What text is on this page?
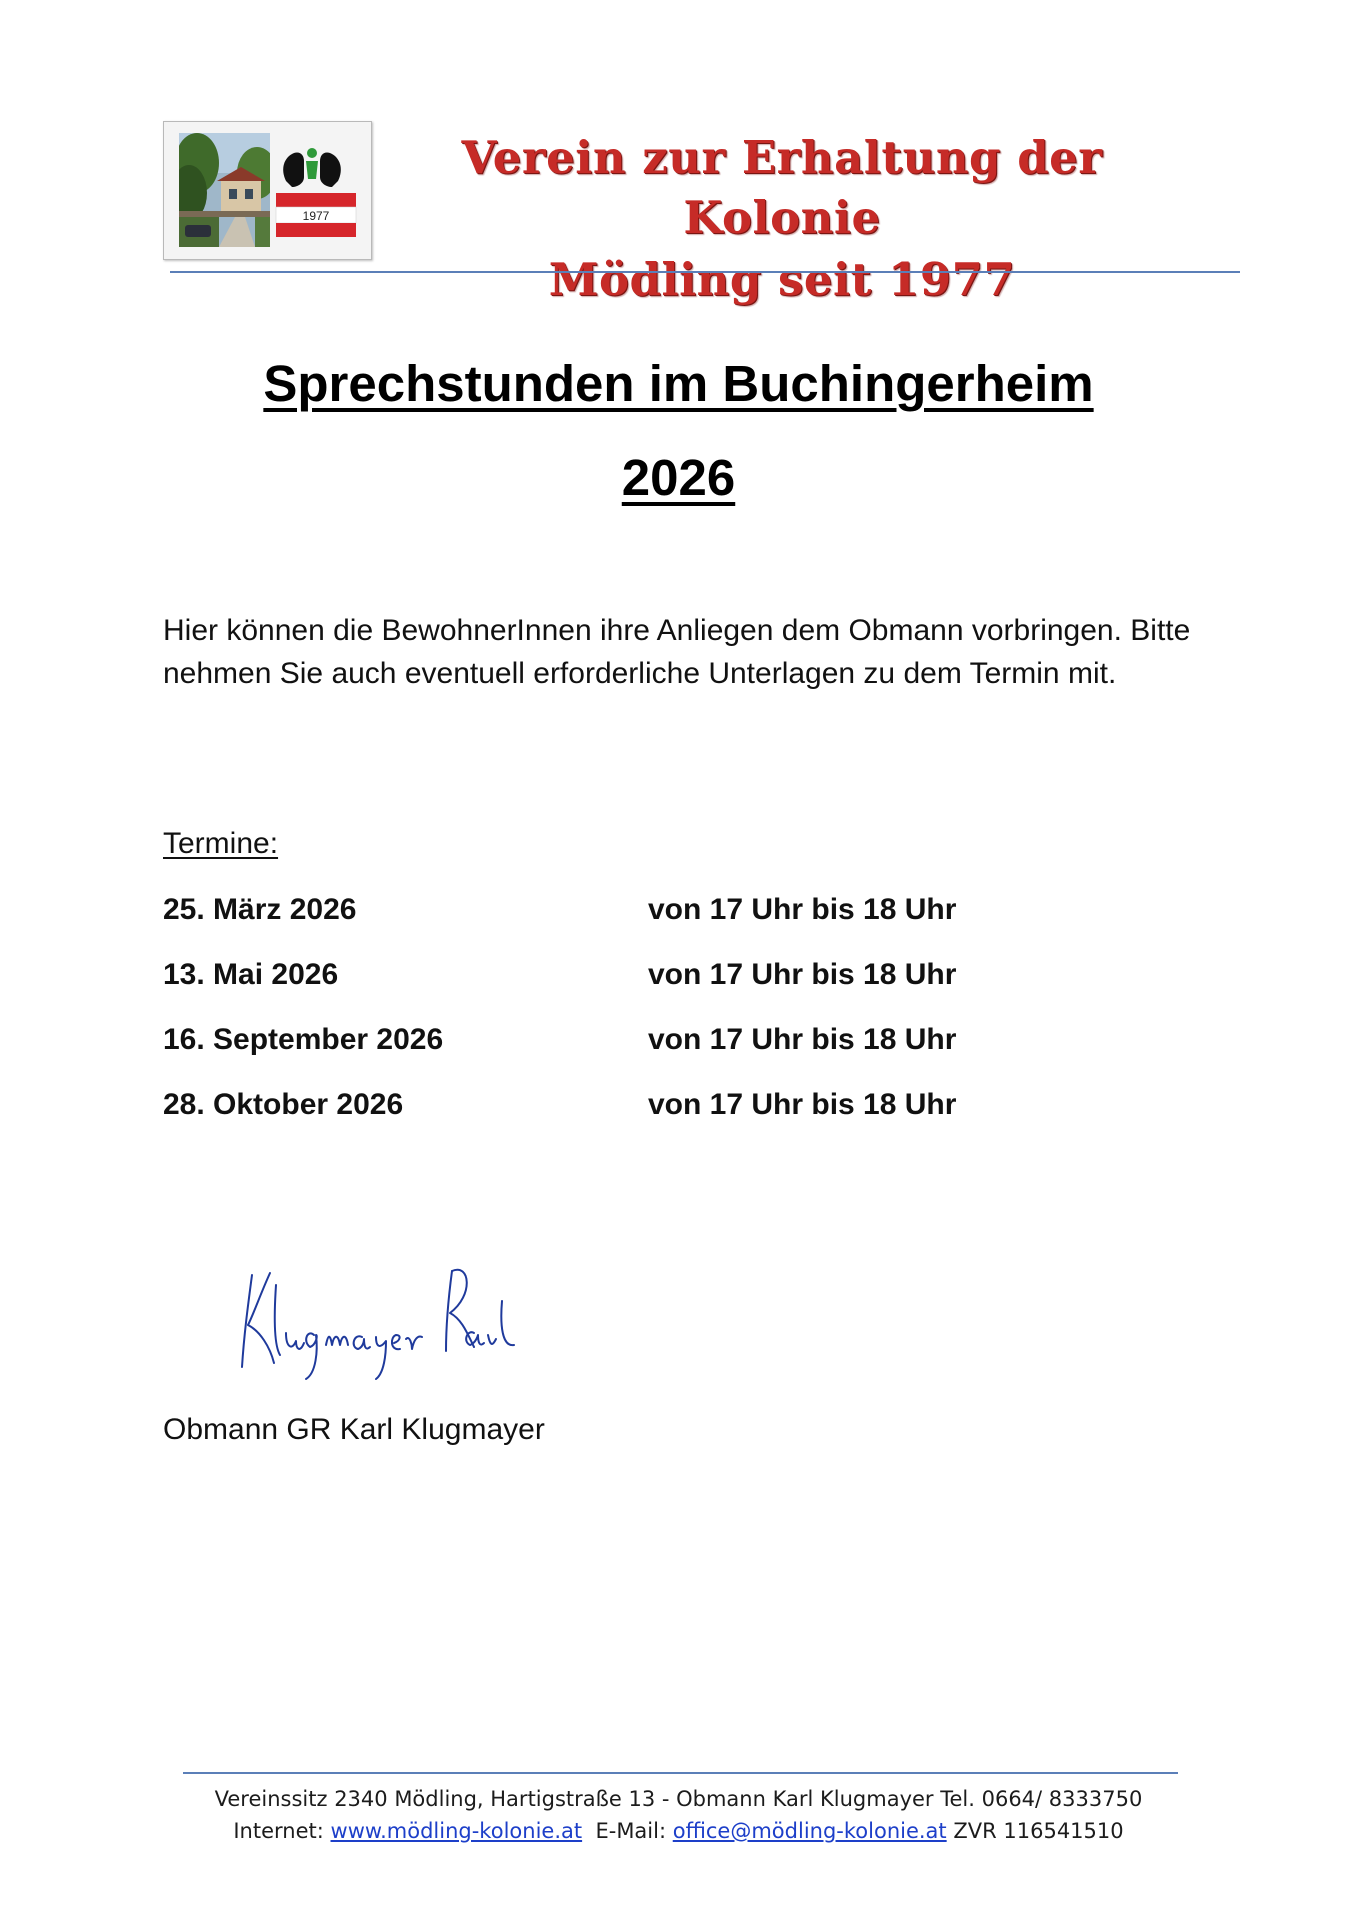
1977
Verein zur Erhaltung der Kolonie
Mödling seit 1977
Sprechstunden im Buchingerheim
2026
Hier können die BewohnerInnen ihre Anliegen dem Obmann vorbringen. Bitte nehmen Sie auch eventuell erforderliche Unterlagen zu dem Termin mit.
Termine:
25. März 2026	von 17 Uhr bis 18 Uhr
13. Mai 2026	von 17 Uhr bis 18 Uhr
16. September 2026	von 17 Uhr bis 18 Uhr
28. Oktober 2026	von 17 Uhr bis 18 Uhr
Obmann GR Karl Klugmayer
Vereinssitz 2340 Mödling, Hartigstraße 13 - Obmann Karl Klugmayer Tel. 0664/ 8333750
Internet: www.mödling-kolonie.at E-Mail: office@mödling-kolonie.at ZVR 116541510
